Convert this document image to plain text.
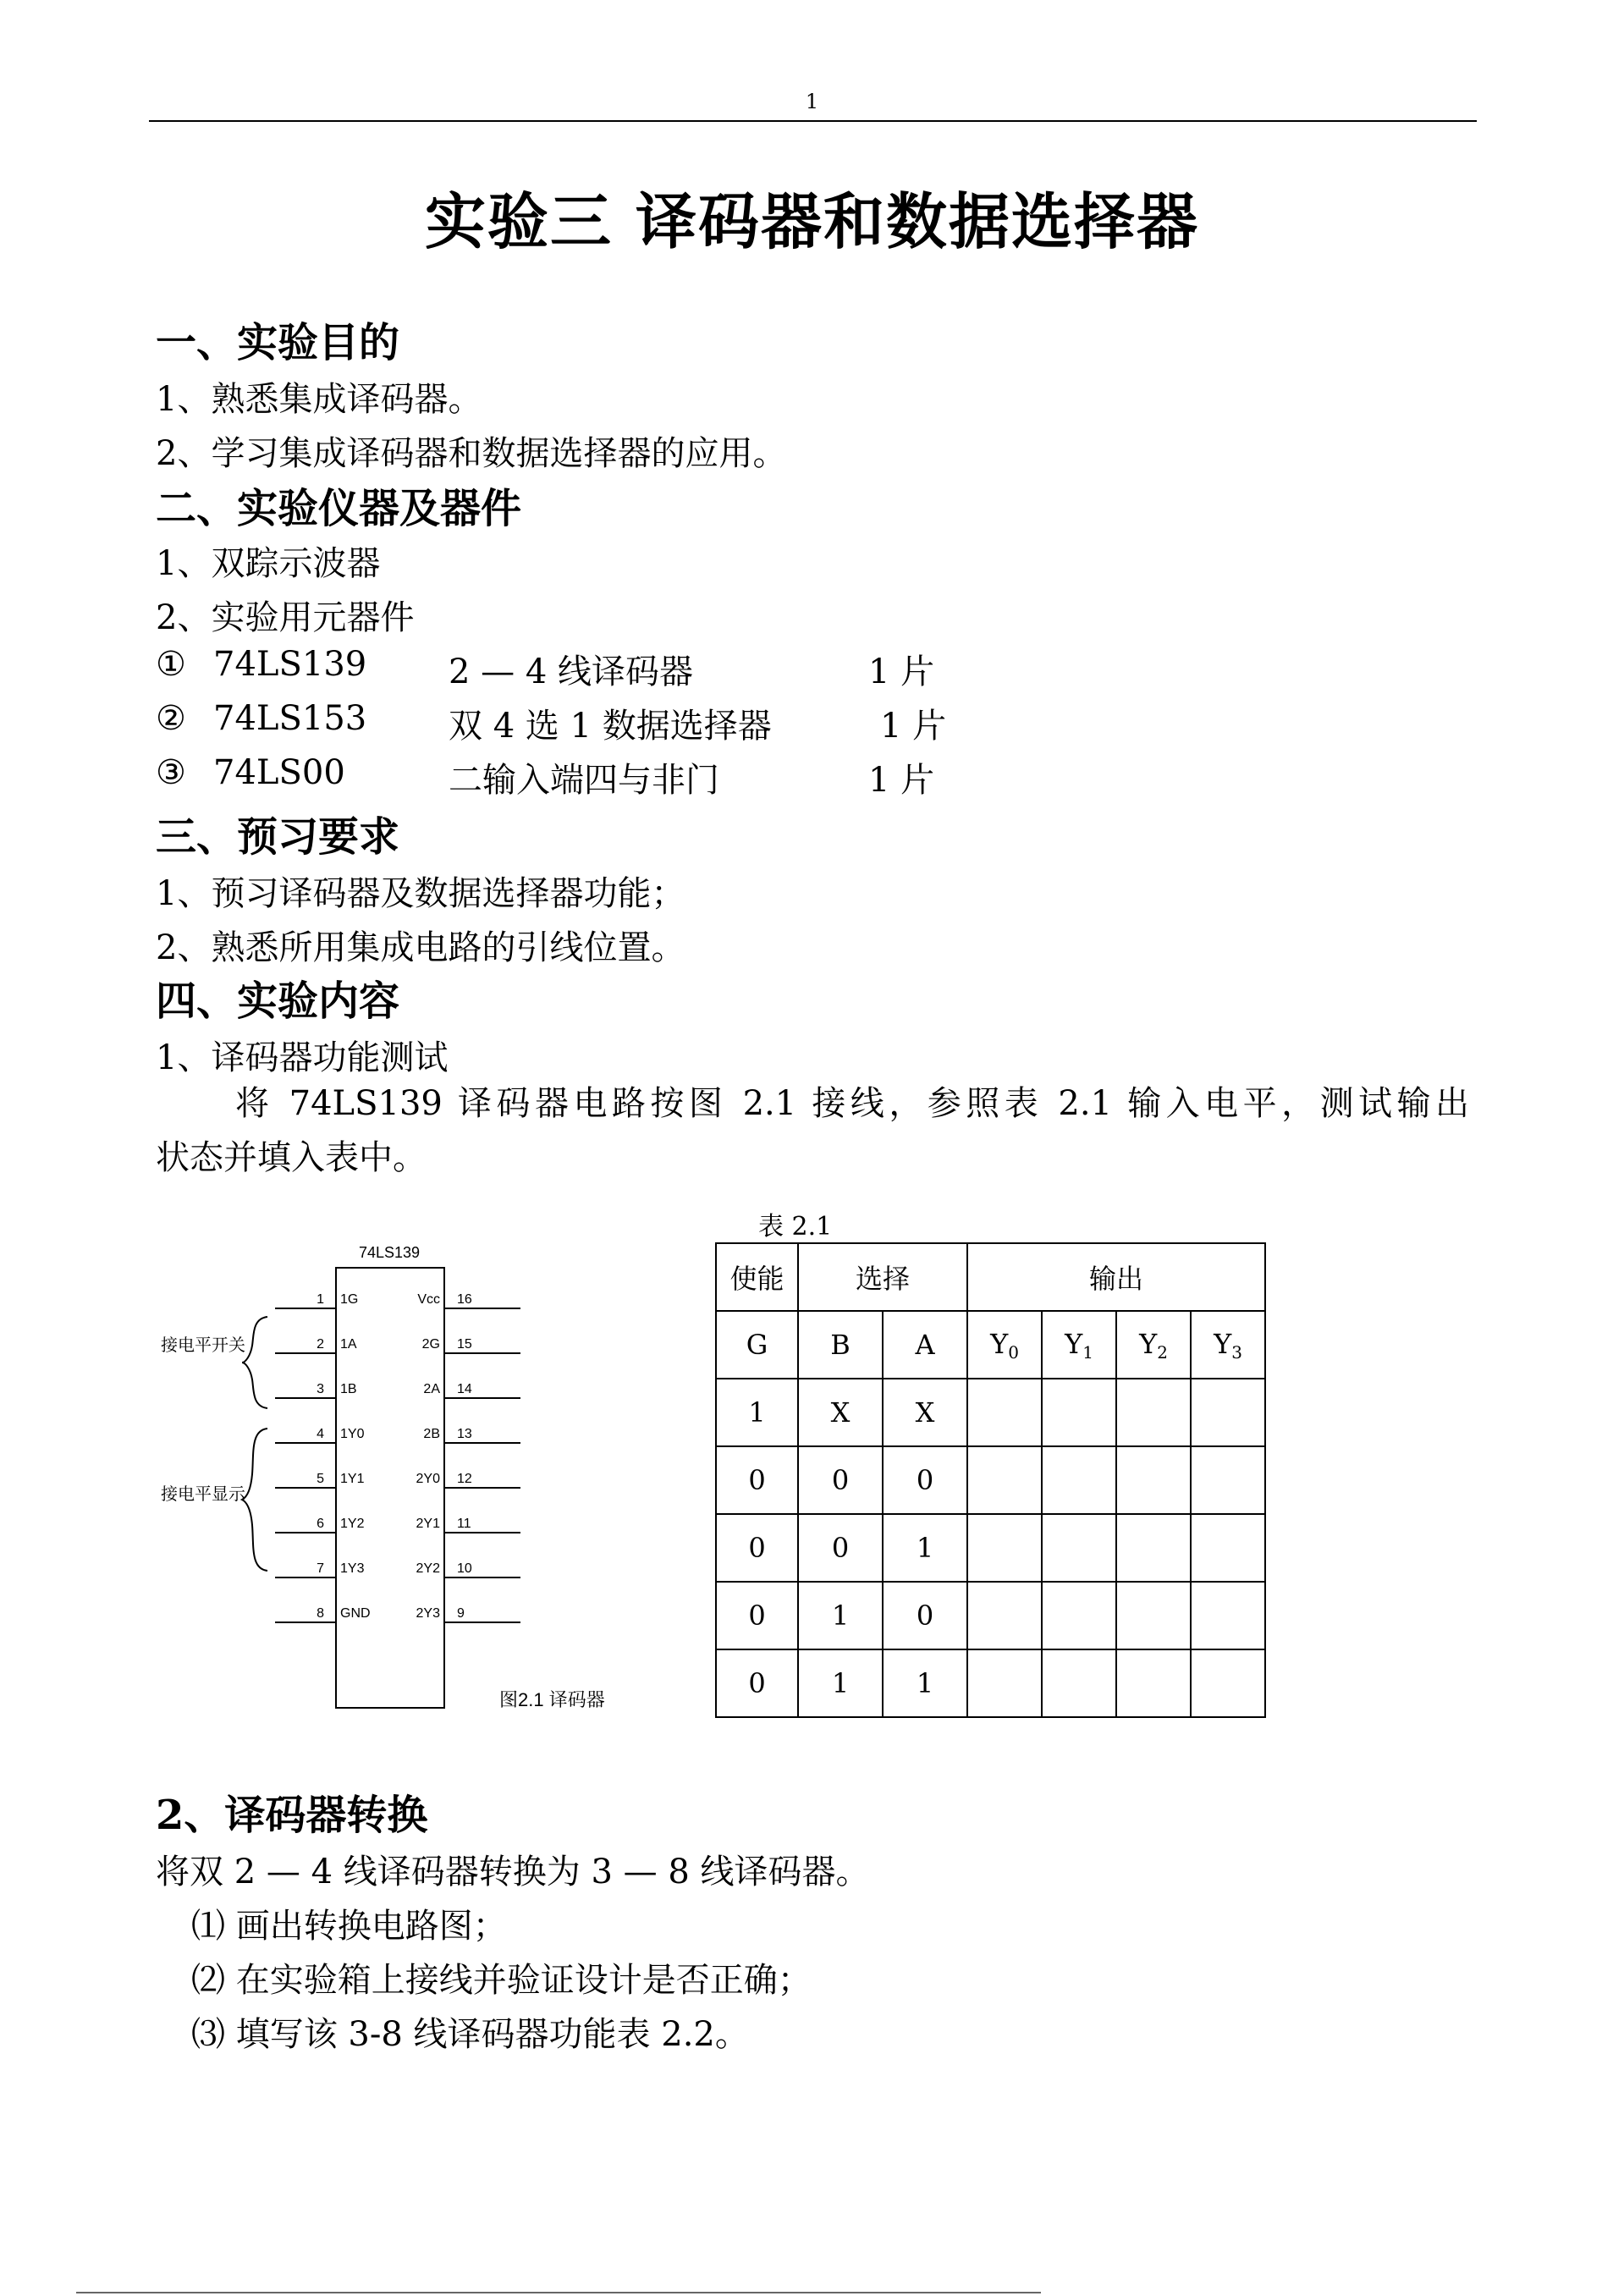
1
实验三 译码器和数据选择器
一、实验目的
1、熟悉集成译码器。
2、学习集成译码器和数据选择器的应用。
二、实验仪器及器件
1、双踪示波器
2、实验用元器件
① 74LS139 2 — 4 线译码器	1 片
② 74LS153 双 4 选 1 数据选择器	1 片
③ 74LS00	二输入端四与非门	1 片
三、预习要求
1、预习译码器及数据选择器功能；
2、熟悉所用集成电路的引线位置。
四、实验内容
1、译码器功能测试
将 74LS139 译码器电路按图 2.1 接线，参照表 2.1 输入电平，测试输出
状态并填入表中。
74LS139
1 1G
2 1A
3 1B
4 1Y0
5 1Y1
6 1Y2
7 1Y3
8 GND
16
Vcc
15
2G
14
2A
13
2B
12
2Y0
11
2Y1
10
2Y2
9
2Y3
接电平开关
接电平显示
图2.1 译码器
表 2.1
使能	选择		输出			
G	B	A	$Y_0$	$Y_1$	$Y_2$	$Y_3$
1	X	X				
0	0	0				
0	0	1				
0	1	0				
0	1	1				
2、译码器转换
将双 2 — 4 线译码器转换为 3 — 8 线译码器。
⑴ 画出转换电路图；
⑵ 在实验箱上接线并验证设计是否正确；
⑶ 填写该 3-8 线译码器功能表 2.2。
